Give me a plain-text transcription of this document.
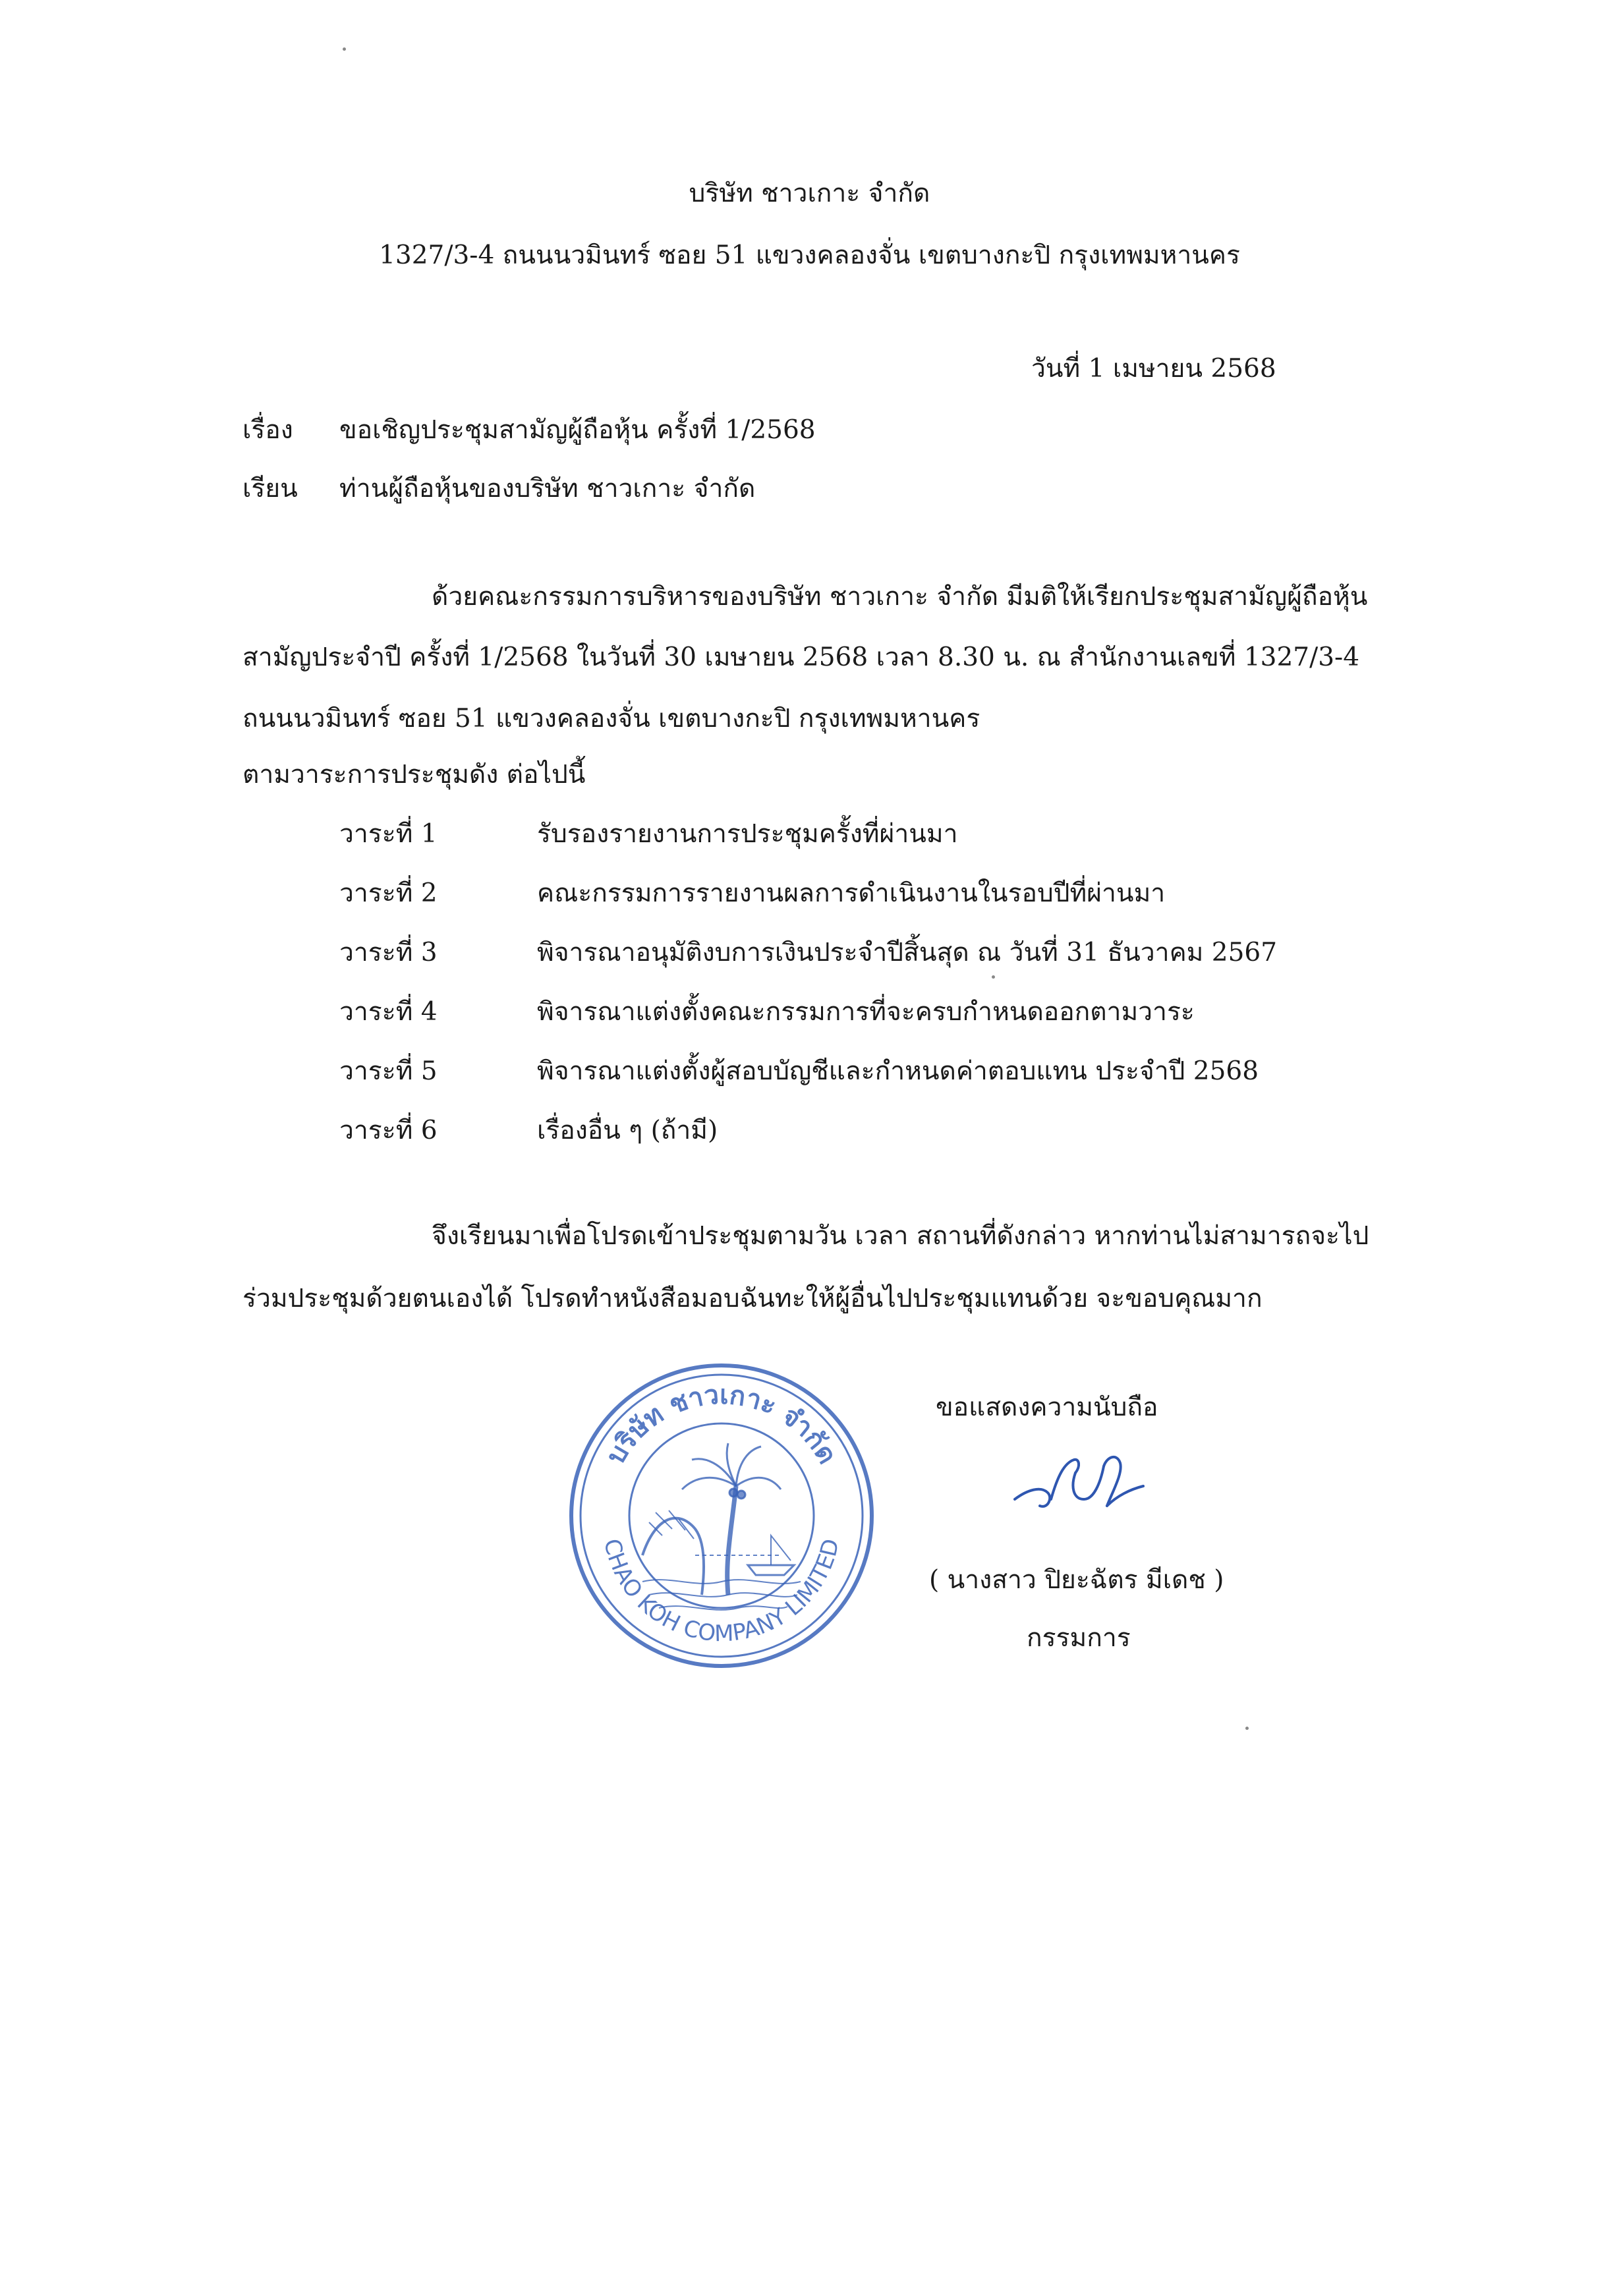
บริษัท ชาวเกาะ จำกัด
1327/3-4 ถนนนวมินทร์ ซอย 51 แขวงคลองจั่น เขตบางกะปิ กรุงเทพมหานคร
วันที่ 1 เมษายน 2568
เรื่อง ขอเชิญประชุมสามัญผู้ถือหุ้น ครั้งที่ 1/2568
เรียน ท่านผู้ถือหุ้นของบริษัท ชาวเกาะ จำกัด
ด้วยคณะกรรมการบริหารของบริษัท ชาวเกาะ จำกัด มีมติให้เรียกประชุมสามัญผู้ถือหุ้น
สามัญประจำปี ครั้งที่ 1/2568 ในวันที่ 30 เมษายน 2568 เวลา 8.30 น. ณ สำนักงานเลขที่ 1327/3-4
ถนนนวมินทร์ ซอย 51 แขวงคลองจั่น เขตบางกะปิ กรุงเทพมหานคร
ตามวาระการประชุมดัง ต่อไปนี้
วาระที่ 1	รับรองรายงานการประชุมครั้งที่ผ่านมา
วาระที่ 2	คณะกรรมการรายงานผลการดำเนินงานในรอบปีที่ผ่านมา
วาระที่ 3	พิจารณาอนุมัติงบการเงินประจำปีสิ้นสุด ณ วันที่ 31 ธันวาคม 2567
วาระที่ 4	พิจารณาแต่งตั้งคณะกรรมการที่จะครบกำหนดออกตามวาระ
วาระที่ 5	พิจารณาแต่งตั้งผู้สอบบัญชีและกำหนดค่าตอบแทน ประจำปี 2568
วาระที่ 6	เรื่องอื่น ๆ (ถ้ามี)
จึงเรียนมาเพื่อโปรดเข้าประชุมตามวัน เวลา สถานที่ดังกล่าว หากท่านไม่สามารถจะไป
ร่วมประชุมด้วยตนเองได้ โปรดทำหนังสือมอบฉันทะให้ผู้อื่นไปประชุมแทนด้วย จะขอบคุณมาก
ขอแสดงความนับถือ
( นางสาว ปิยะฉัตร มีเดช )
กรรมการ
บริษัท ชาวเกาะ จำกัด
CHAO KOH COMPANY LIMITED
